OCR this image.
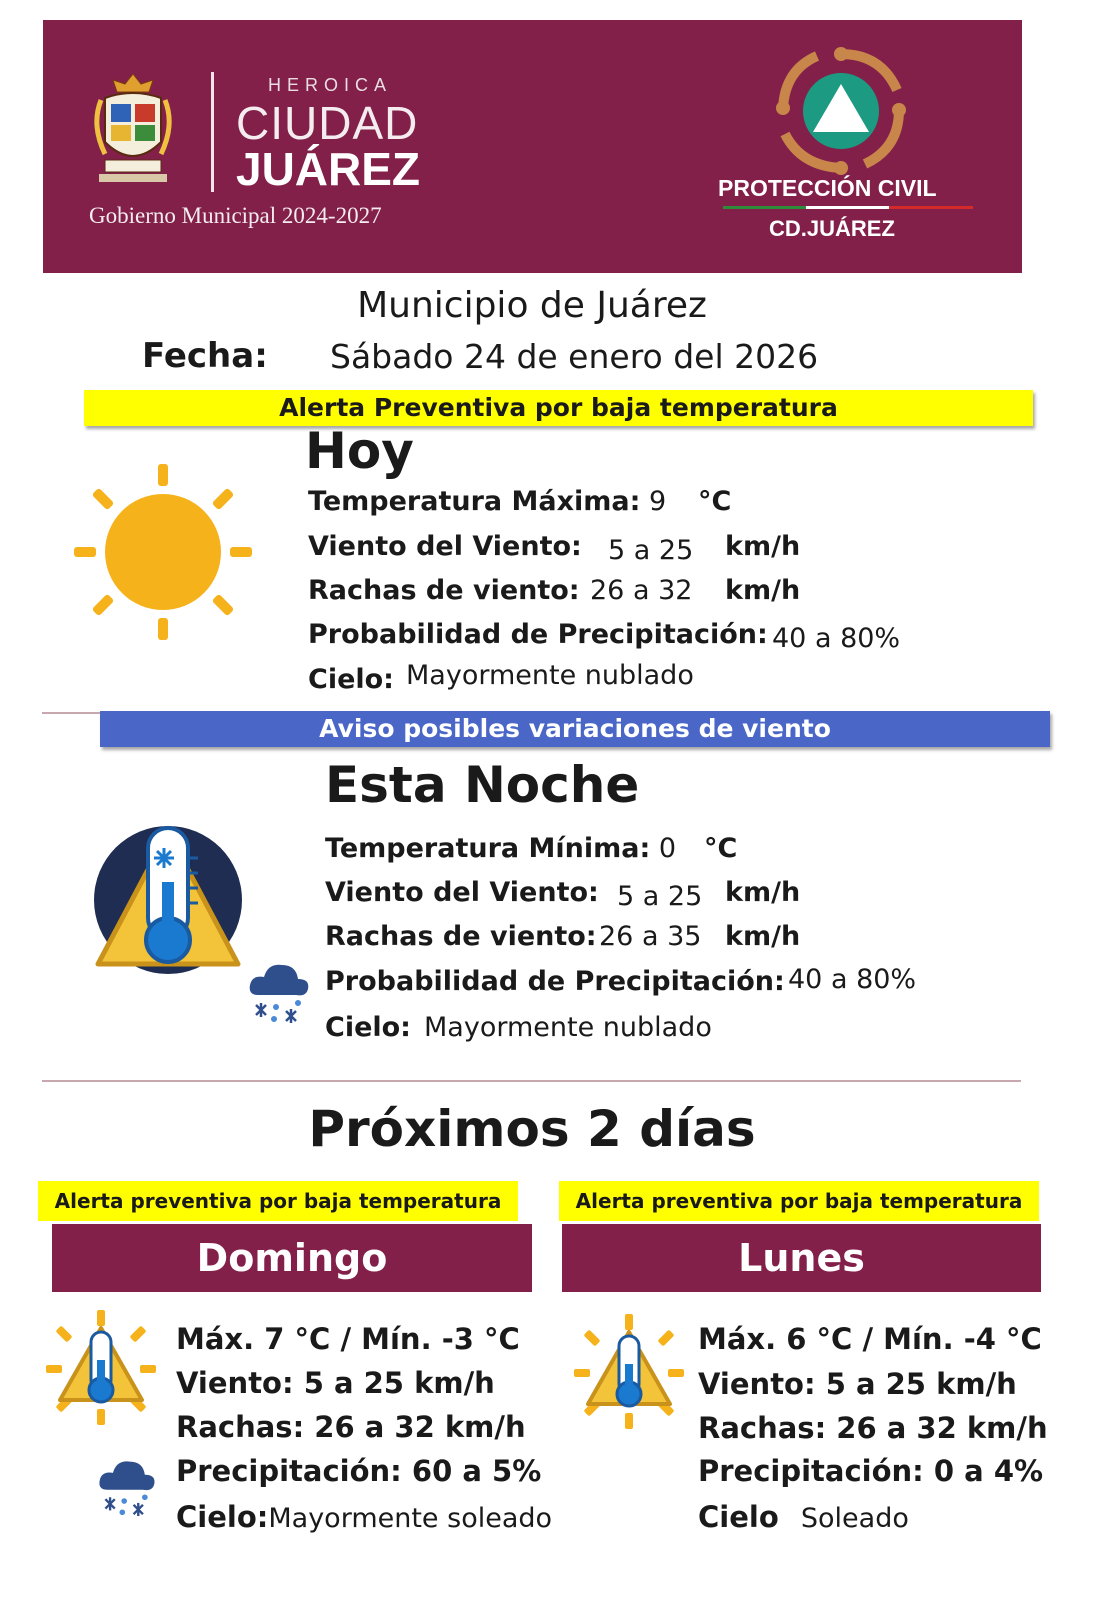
HEROICA
CIUDAD
JUÁREZ
Gobierno Municipal 2024-2027
PROTECCIÓN CIVIL
CD.JUÁREZ
Municipio de Juárez
Fecha: Sábado 24 de enero del 2026
Alerta Preventiva por baja temperatura
Hoy
Temperatura Máxima: 9 °C
Viento del Viento: 5 a 25 km/h
Rachas de viento: 26 a 32 km/h
Probabilidad de Precipitación: 40 a 80%
Cielo: Mayormente nublado
Aviso posibles variaciones de viento
Esta Noche
Temperatura Mínima: 0 °C
Viento del Viento: 5 a 25 km/h
Rachas de viento: 26 a 35 km/h
Probabilidad de Precipitación: 40 a 80%
Cielo: Mayormente nublado
Próximos 2 días
Alerta preventiva por baja temperatura
Domingo
Máx. 7 °C / Mín. -3 °C
Viento: 5 a 25 km/h
Rachas: 26 a 32 km/h
Precipitación: 60 a 5%
Cielo:Mayormente soleado
Alerta preventiva por baja temperatura
Lunes
Máx. 6 °C / Mín. -4 °C
Viento: 5 a 25 km/h
Rachas: 26 a 32 km/h
Precipitación: 0 a 4%
Cielo Soleado
